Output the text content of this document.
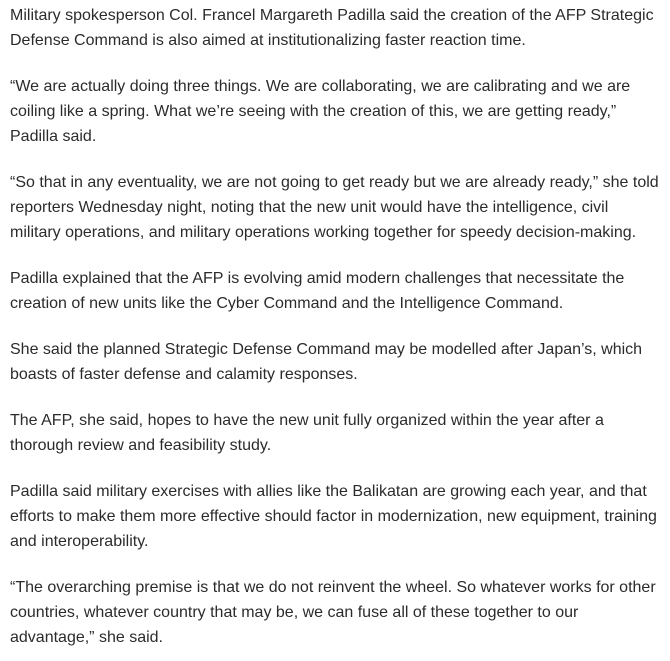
Military spokesperson Col. Francel Margareth Padilla said the creation of the AFP Strategic Defense Command is also aimed at institutionalizing faster reaction time.

“We are actually doing three things. We are collaborating, we are calibrating and we are coiling like a spring. What we’re seeing with the creation of this, we are getting ready,” Padilla said.

“So that in any eventuality, we are not going to get ready but we are already ready,” she told reporters Wednesday night, noting that the new unit would have the intelligence, civil military operations, and military operations working together for speedy decision-making.

Padilla explained that the AFP is evolving amid modern challenges that necessitate the creation of new units like the Cyber Command and the Intelligence Command.

She said the planned Strategic Defense Command may be modelled after Japan’s, which boasts of faster defense and calamity responses.

The AFP, she said, hopes to have the new unit fully organized within the year after a thorough review and feasibility study.

Padilla said military exercises with allies like the Balikatan are growing each year, and that efforts to make them more effective should factor in modernization, new equipment, training and interoperability.

“The overarching premise is that we do not reinvent the wheel. So whatever works for other countries, whatever country that may be, we can fuse all of these together to our advantage,” she said.
